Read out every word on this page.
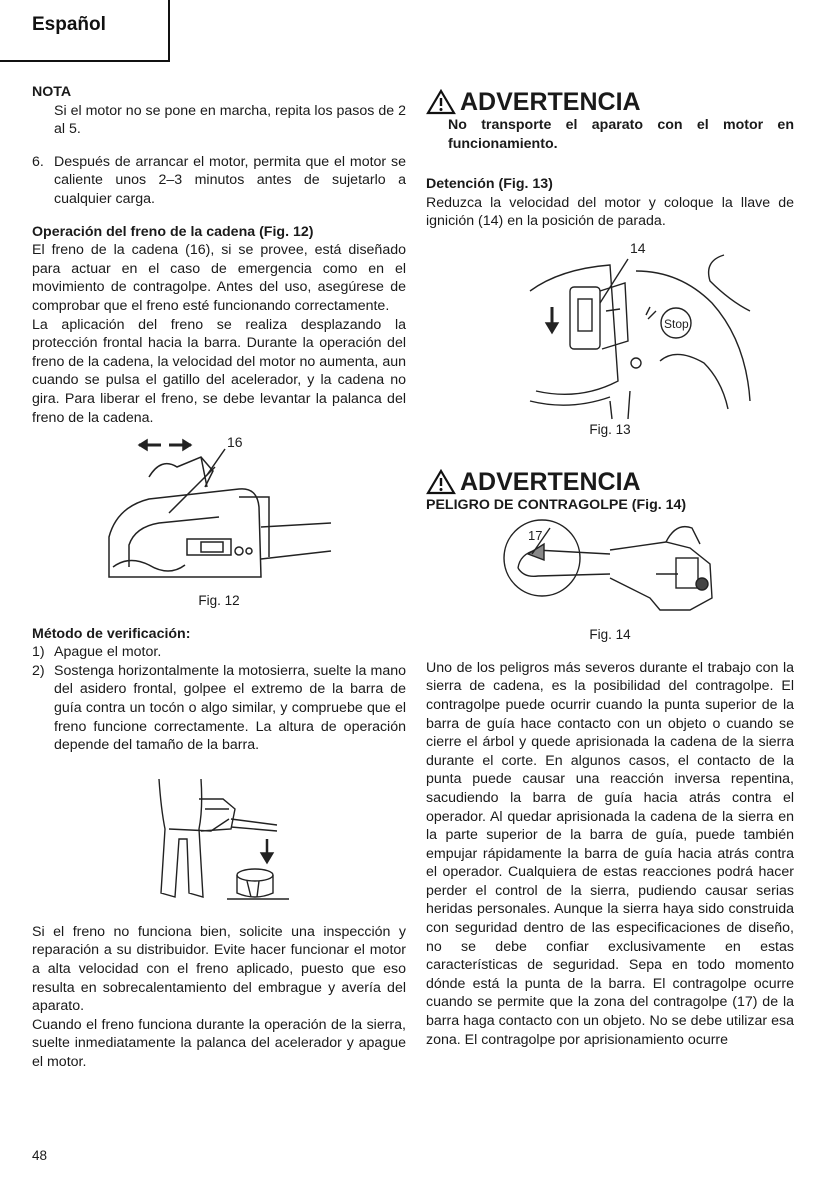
Español

NOTA

Si el motor no se pone en marcha, repita los pasos de 2 al 5.

6. Después de arrancar el motor, permita que el motor se caliente unos 2–3 minutos antes de sujetarlo a cualquier carga.

Operación del freno de la cadena (Fig. 12)

El freno de la cadena (16), si se provee, está diseñado para actuar en el caso de emergencia como en el movimiento de contragolpe. Antes del uso, asegúrese de comprobar que el freno esté funcionando correctamente.

La aplicación del freno se realiza desplazando la protección frontal hacia la barra. Durante la operación del freno de la cadena, la velocidad del motor no aumenta, aun cuando se pulsa el gatillo del acelerador, y la cadena no gira. Para liberar el freno, se debe levantar la palanca del freno de la cadena.

16

Fig. 12

Método de verificación:

1) Apague el motor.
2) Sostenga horizontalmente la motosierra, suelte la mano del asidero frontal, golpee el extremo de la barra de guía contra un tocón o algo similar, y compruebe que el freno funcione correctamente. La altura de operación depende del tamaño de la barra.

Si el freno no funciona bien, solicite una inspección y reparación a su distribuidor. Evite hacer funcionar el motor a alta velocidad con el freno aplicado, puesto que eso resulta en sobrecalentamiento del embrague y avería del aparato.

Cuando el freno funciona durante la operación de la sierra, suelte inmediatamente la palanca del acelerador y apague el motor.

ADVERTENCIA

No transporte el aparato con el motor en funcionamiento.

Detención (Fig. 13)

Reduzca la velocidad del motor y coloque la llave de ignición (14) en la posición de parada.

14
Stop

Fig. 13

ADVERTENCIA

PELIGRO DE CONTRAGOLPE (Fig. 14)

17

Fig. 14

Uno de los peligros más severos durante el trabajo con la sierra de cadena, es la posibilidad del contragolpe. El contragolpe puede ocurrir cuando la punta superior de la barra de guía hace contacto con un objeto o cuando se cierre el árbol y quede aprisionada la cadena de la sierra durante el corte. En algunos casos, el contacto de la punta puede causar una reacción inversa repentina, sacudiendo la barra de guía hacia atrás contra el operador. Al quedar aprisionada la cadena de la sierra en la parte superior de la barra de guía, puede también empujar rápidamente la barra de guía hacia atrás contra el operador. Cualquiera de estas reacciones podrá hacer perder el control de la sierra, pudiendo causar serias heridas personales. Aunque la sierra haya sido construida con seguridad dentro de las especificaciones de diseño, no se debe confiar exclusivamente en estas características de seguridad. Sepa en todo momento dónde está la punta de la barra. El contragolpe ocurre cuando se permite que la zona del contragolpe (17) de la barra haga contacto con un objeto. No se debe utilizar esa zona. El contragolpe por aprisionamiento ocurre

48
